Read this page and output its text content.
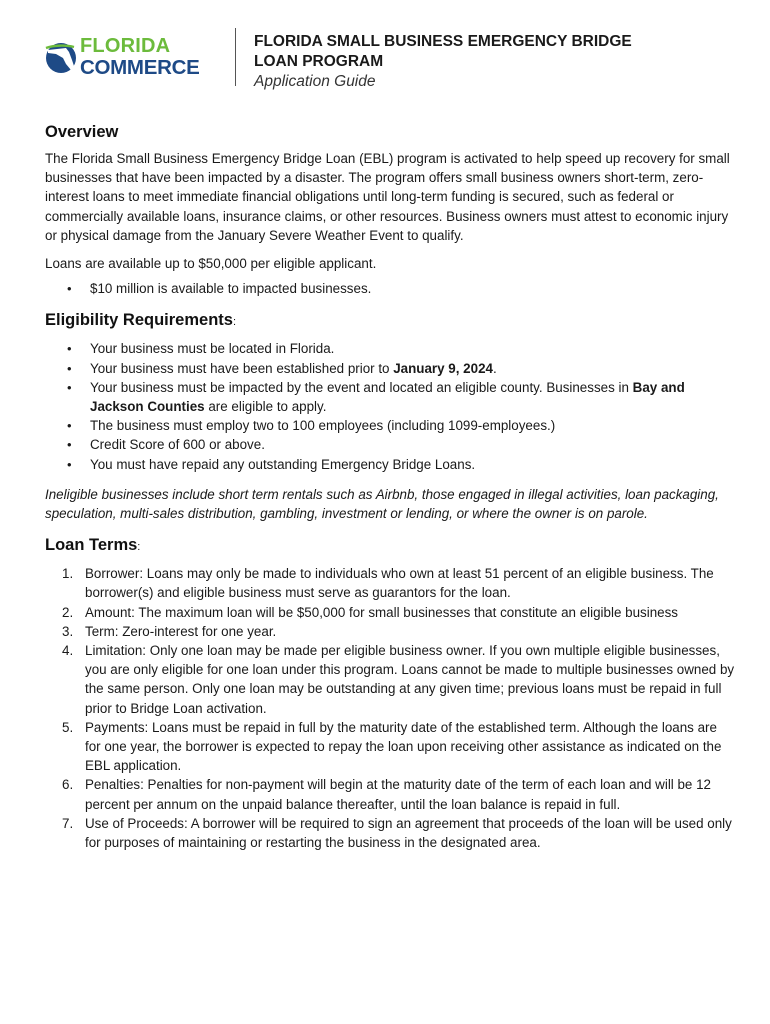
FLORIDA
COMMERCE
FLORIDA SMALL BUSINESS EMERGENCY BRIDGE
LOAN PROGRAM
Application Guide
Overview

The Florida Small Business Emergency Bridge Loan (EBL) program is activated to help speed up recovery for small businesses that have been impacted by a disaster. The program offers small business owners short-term, zero-interest loans to meet immediate financial obligations until long-term funding is secured, such as federal or commercially available loans, insurance claims, or other resources. Business owners must attest to economic injury or physical damage from the January Severe Weather Event to qualify.

Loans are available up to $50,000 per eligible applicant.

• $10 million is available to impacted businesses.
Eligibility Requirements:
• Your business must be located in Florida.
• Your business must have been established prior to January 9, 2024.
• Your business must be impacted by the event and located an eligible county. Businesses in Bay and Jackson Counties are eligible to apply.
• The business must employ two to 100 employees (including 1099-employees.)
• Credit Score of 600 or above.
• You must have repaid any outstanding Emergency Bridge Loans.

Ineligible businesses include short term rentals such as Airbnb, those engaged in illegal activities, loan packaging, speculation, multi-sales distribution, gambling, investment or lending, or where the owner is on parole.

Loan Terms:
1. Borrower: Loans may only be made to individuals who own at least 51 percent of an eligible business. The borrower(s) and eligible business must serve as guarantors for the loan.
2. Amount: The maximum loan will be $50,000 for small businesses that constitute an eligible business
3. Term: Zero-interest for one year.
4. Limitation: Only one loan may be made per eligible business owner. If you own multiple eligible businesses, you are only eligible for one loan under this program. Loans cannot be made to multiple businesses owned by the same person. Only one loan may be outstanding at any given time; previous loans must be repaid in full prior to Bridge Loan activation.
5. Payments: Loans must be repaid in full by the maturity date of the established term. Although the loans are for one year, the borrower is expected to repay the loan upon receiving other assistance as indicated on the EBL application.
6. Penalties: Penalties for non-payment will begin at the maturity date of the term of each loan and will be 12 percent per annum on the unpaid balance thereafter, until the loan balance is repaid in full.
7. Use of Proceeds: A borrower will be required to sign an agreement that proceeds of the loan will be used only for purposes of maintaining or restarting the business in the designated area.
